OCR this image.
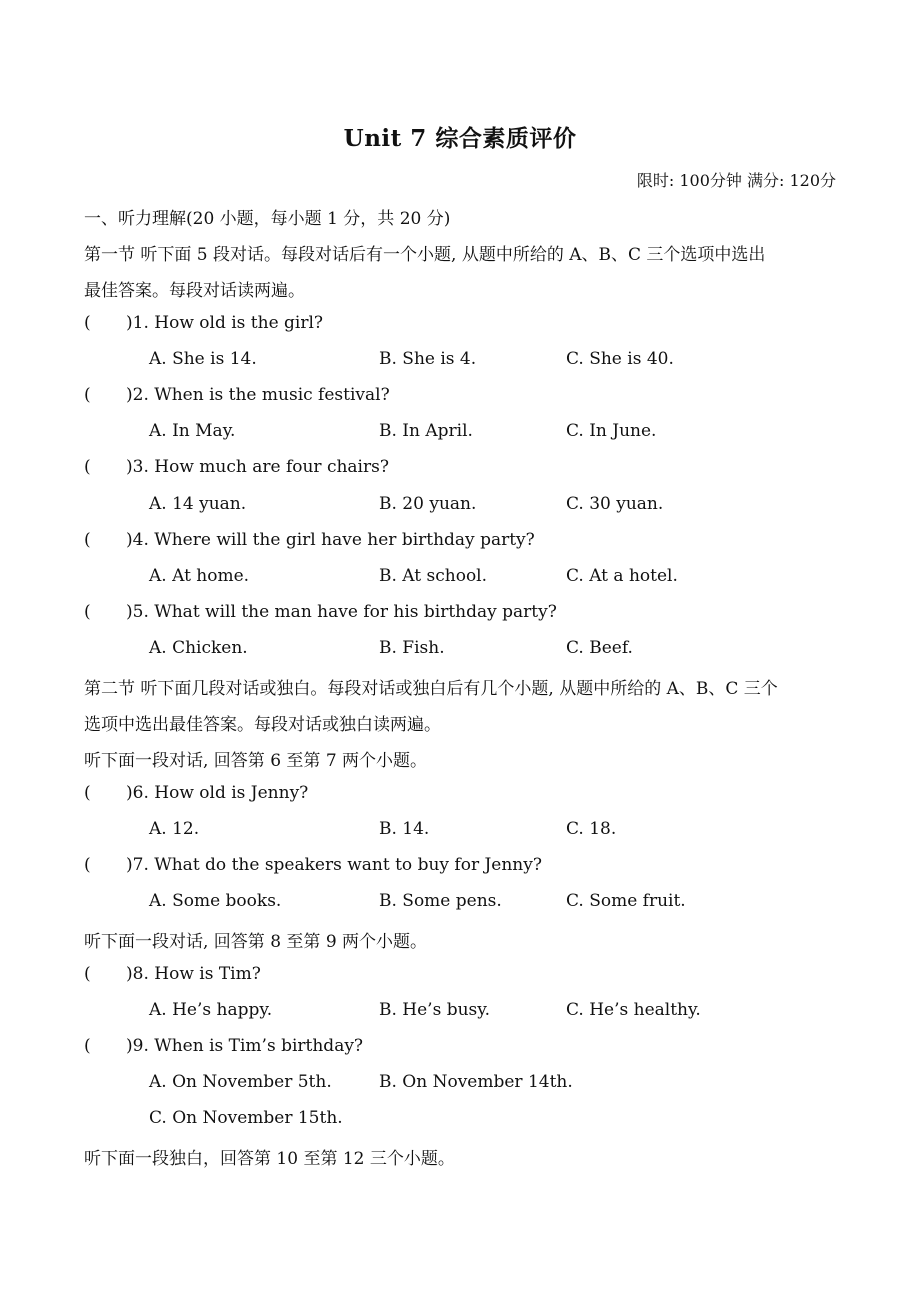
Unit 7 综合素质评价
限时: 100分钟 满分: 120分
一、听力理解(20 小题，每小题 1 分，共 20 分)
第一节 听下面 5 段对话。每段对话后有一个小题, 从题中所给的 A、B、C 三个选项中选出
最佳答案。每段对话读两遍。
( )1. How old is the girl?
A. She is 14.	B. She is 4.	C. She is 40.
( )2. When is the music festival?
A. In May.	B. In April.	C. In June.
( )3. How much are four chairs?
A. 14 yuan.	B. 20 yuan.	C. 30 yuan.
( )4. Where will the girl have her birthday party?
A. At home.	B. At school.	C. At a hotel.
( )5. What will the man have for his birthday party?
A. Chicken.	B. Fish.	C. Beef.
第二节 听下面几段对话或独白。每段对话或独白后有几个小题, 从题中所给的 A、B、C 三个
选项中选出最佳答案。每段对话或独白读两遍。
听下面一段对话, 回答第 6 至第 7 两个小题。
( )6. How old is Jenny?
A. 12.	B. 14.	C. 18.
( )7. What do the speakers want to buy for Jenny?
A. Some books.	B. Some pens.	C. Some fruit.
听下面一段对话, 回答第 8 至第 9 两个小题。
( )8. How is Tim?
A. He’s happy.	B. He’s busy.	C. He’s healthy.
( )9. When is Tim’s birthday?
A. On November 5th.	B. On November 14th.
C. On November 15th.
听下面一段独白，回答第 10 至第 12 三个小题。
